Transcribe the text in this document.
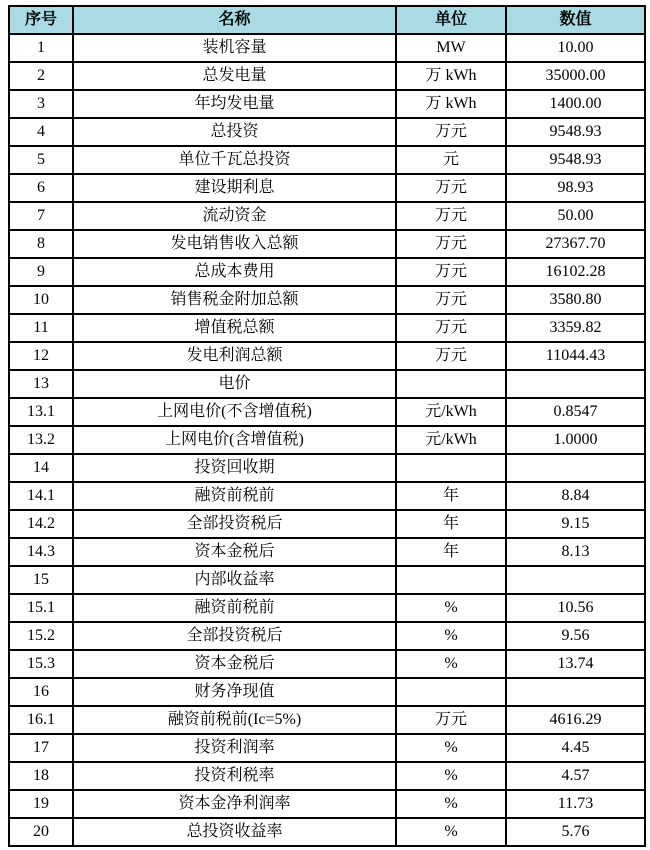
序号	名称	单位	数值
1	装机容量	MW	10.00
2	总发电量	万 kWh	35000.00
3	年均发电量	万 kWh	1400.00
4	总投资	万元	9548.93
5	单位千瓦总投资	元	9548.93
6	建设期利息	万元	98.93
7	流动资金	万元	50.00
8	发电销售收入总额	万元	27367.70
9	总成本费用	万元	16102.28
10	销售税金附加总额	万元	3580.80
11	增值税总额	万元	3359.82
12	发电利润总额	万元	11044.43
13	电价		
13.1	上网电价(不含增值税)	元/kWh	0.8547
13.2	上网电价(含增值税)	元/kWh	1.0000
14	投资回收期		
14.1	融资前税前	年	8.84
14.2	全部投资税后	年	9.15
14.3	资本金税后	年	8.13
15	内部收益率		
15.1	融资前税前	%	10.56
15.2	全部投资税后	%	9.56
15.3	资本金税后	%	13.74
16	财务净现值		
16.1	融资前税前(Ic=5%)	万元	4616.29
17	投资利润率	%	4.45
18	投资利税率	%	4.57
19	资本金净利润率	%	11.73
20	总投资收益率	%	5.76
